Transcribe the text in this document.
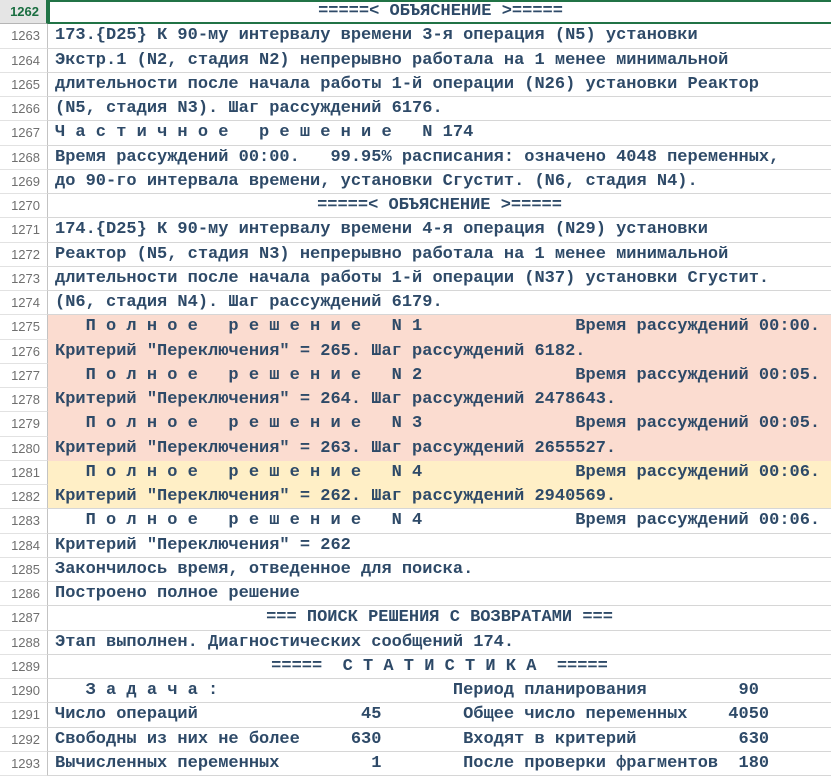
1262	=====< ОБЪЯСНЕНИЕ >=====
1263 173.{D25} К 90-му интервалу времени 3-я операция (N5) установки
1264 Экстр.1 (N2, стадия N2) непрерывно работала на 1 менее минимальной
1265 длительности после начала работы 1-й операции (N26) установки Реактор
1266 (N5, стадия N3). Шаг рассуждений 6176.
1267 Ч а с т и ч н о е   р е ш е н и е   N 174
1268 Время рассуждений 00:00.   99.95% расписания: означено 4048 переменных,
1269 до 90-го интервала времени, установки Сгустит. (N6, стадия N4).
1270	=====< ОБЪЯСНЕНИЕ >=====
1271 174.{D25} К 90-му интервалу времени 4-я операция (N29) установки
1272 Реактор (N5, стадия N3) непрерывно работала на 1 менее минимальной
1273 длительности после начала работы 1-й операции (N37) установки Сгустит.
1274 (N6, стадия N4). Шаг рассуждений 6179.
1275 П о л н о е   р е ш е н и е   N 1               Время рассуждений 00:00.
1276 Критерий "Переключения" = 265. Шаг рассуждений 6182.
1277 П о л н о е   р е ш е н и е   N 2               Время рассуждений 00:05.
1278 Критерий "Переключения" = 264. Шаг рассуждений 2478643.
1279 П о л н о е   р е ш е н и е   N 3               Время рассуждений 00:05.
1280 Критерий "Переключения" = 263. Шаг рассуждений 2655527.
1281 П о л н о е   р е ш е н и е   N 4               Время рассуждений 00:06.
1282 Критерий "Переключения" = 262. Шаг рассуждений 2940569.
1283 П о л н о е   р е ш е н и е   N 4               Время рассуждений 00:06.
1284 Критерий "Переключения" = 262
1285 Закончилось время, отведенное для поиска.
1286 Построено полное решение
1287	=== ПОИСК РЕШЕНИЯ С ВОЗВРАТАМИ ===
1288 Этап выполнен. Диагностических сообщений 174.
1289	=====  С Т А Т И С Т И К А  =====
1290 З а д а ч а :                       Период планирования         90
1291 Число операций                45        Общее число переменных    4050
1292 Свободны из них не более     630        Входят в критерий          630
1293 Вычисленных переменных         1        После проверки фрагментов  180
